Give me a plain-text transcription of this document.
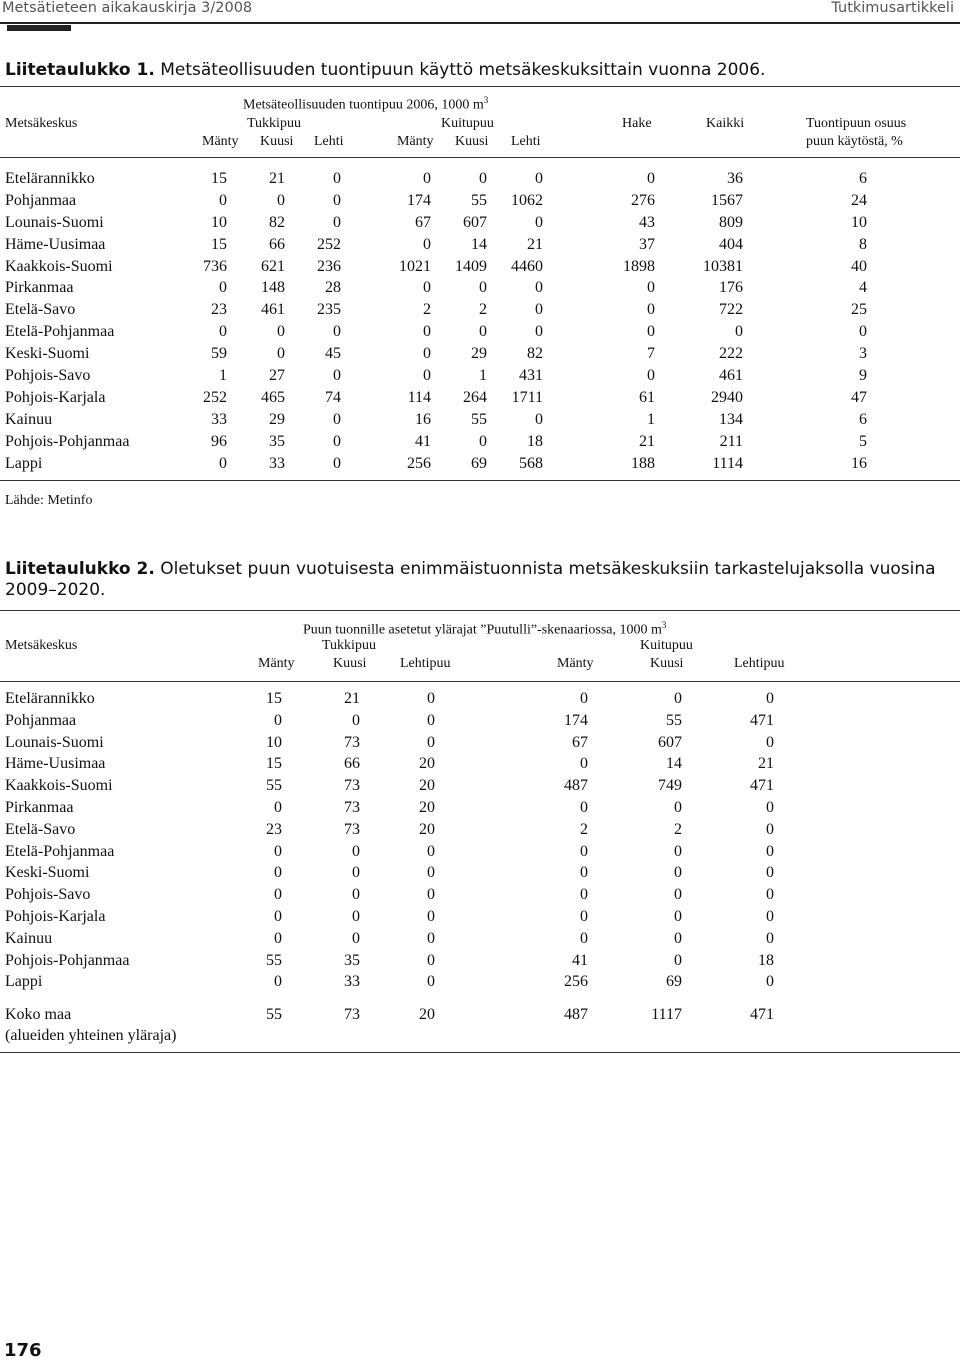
Metsätieteen aikakauskirja 3/2008	Tutkimusartikkeli
Liitetaulukko 1. Metsäteollisuuden tuontipuun käyttö metsäkeskuksittain vuonna 2006.
Metsäteollisuuden tuontipuu 2006, 1000 $m^3$
Metsäkeskus	Tukkipuu	Kuitupuu	Hake	Kaikki	Tuontipuun osuus
Mänty Kuusi Lehti	Mänty Kuusi Lehti	puun käytöstä, %
Etelärannikko	15	21	0	0	0	0	0	36	6
Pohjanmaa	0	0	0	174	55	1062	276	1567	24
Lounais-Suomi	10	82	0	67	607	0	43	809	10
Häme-Uusimaa	15	66	252	0	14	21	37	404	8
Kaakkois-Suomi	736	621	236	1021	1409	4460	1898	10381	40
Pirkanmaa	0	148	28	0	0	0	0	176	4
Etelä-Savo	23	461	235	2	2	0	0	722	25
Etelä-Pohjanmaa	0	0	0	0	0	0	0	0	0
Keski-Suomi	59	0	45	0	29	82	7	222	3
Pohjois-Savo	1	27	0	0	1	431	0	461	9
Pohjois-Karjala	252	465	74	114	264	1711	61	2940	47
Kainuu	33	29	0	16	55	0	1	134	6
Pohjois-Pohjanmaa	96	35	0	41	0	18	21	211	5
Lappi	0	33	0	256	69	568	188	1114	16
Lähde: Metinfo
Liitetaulukko 2. Oletukset puun vuotuisesta enimmäistuonnista metsäkeskuksiin tarkastelujaksolla vuosina 2009–2020.
Puun tuonnille asetetut ylärajat ”Puutulli”-skenaariossa, 1000 $m^3$
Metsäkeskus	Tukkipuu	Kuitupuu
Mänty	Kuusi Lehtipuu	Mänty	Kuusi	Lehtipuu
Etelärannikko	15	21	0	0	0	0
Pohjanmaa	0	0	0	174	55	471
Lounais-Suomi	10	73	0	67	607	0
Häme-Uusimaa	15	66	20	0	14	21
Kaakkois-Suomi	55	73	20	487	749	471
Pirkanmaa	0	73	20	0	0	0
Etelä-Savo	23	73	20	2	2	0
Etelä-Pohjanmaa	0	0	0	0	0	0
Keski-Suomi	0	0	0	0	0	0
Pohjois-Savo	0	0	0	0	0	0
Pohjois-Karjala	0	0	0	0	0	0
Kainuu	0	0	0	0	0	0
Pohjois-Pohjanmaa	55	35	0	41	0	18
Lappi	0	33	0	256	69	0
Koko maa	55	73	20	487	1117	471
(alueiden yhteinen yläraja)
176
